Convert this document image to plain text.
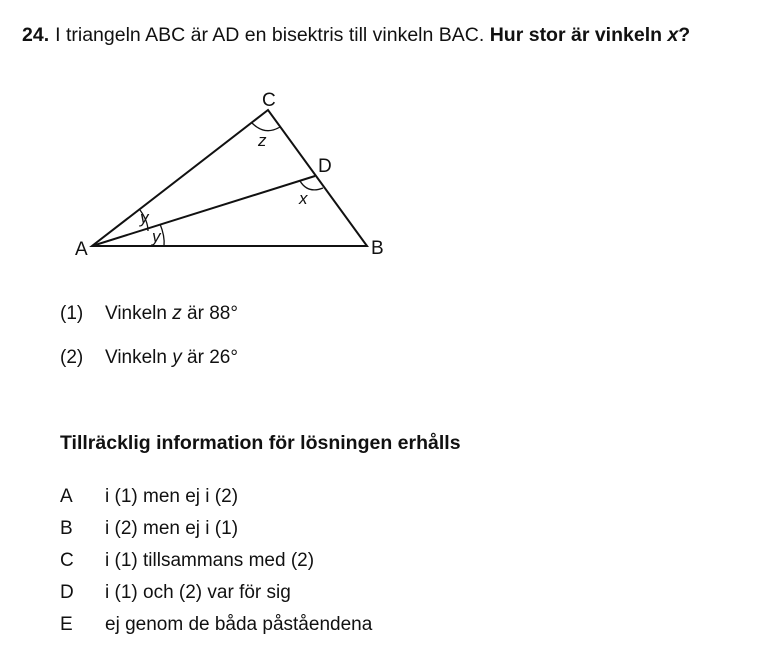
24. I triangeln ABC är AD en bisektris till vinkeln BAC. Hur stor är vinkeln x?
A	B
C
D
z
x
y
y
(1) Vinkeln z är 88°
(2) Vinkeln y är 26°
Tillräcklig information för lösningen erhålls
A i (1) men ej i (2)
B i (2) men ej i (1)
C i (1) tillsammans med (2)
D i (1) och (2) var för sig
E ej genom de båda påståendena
